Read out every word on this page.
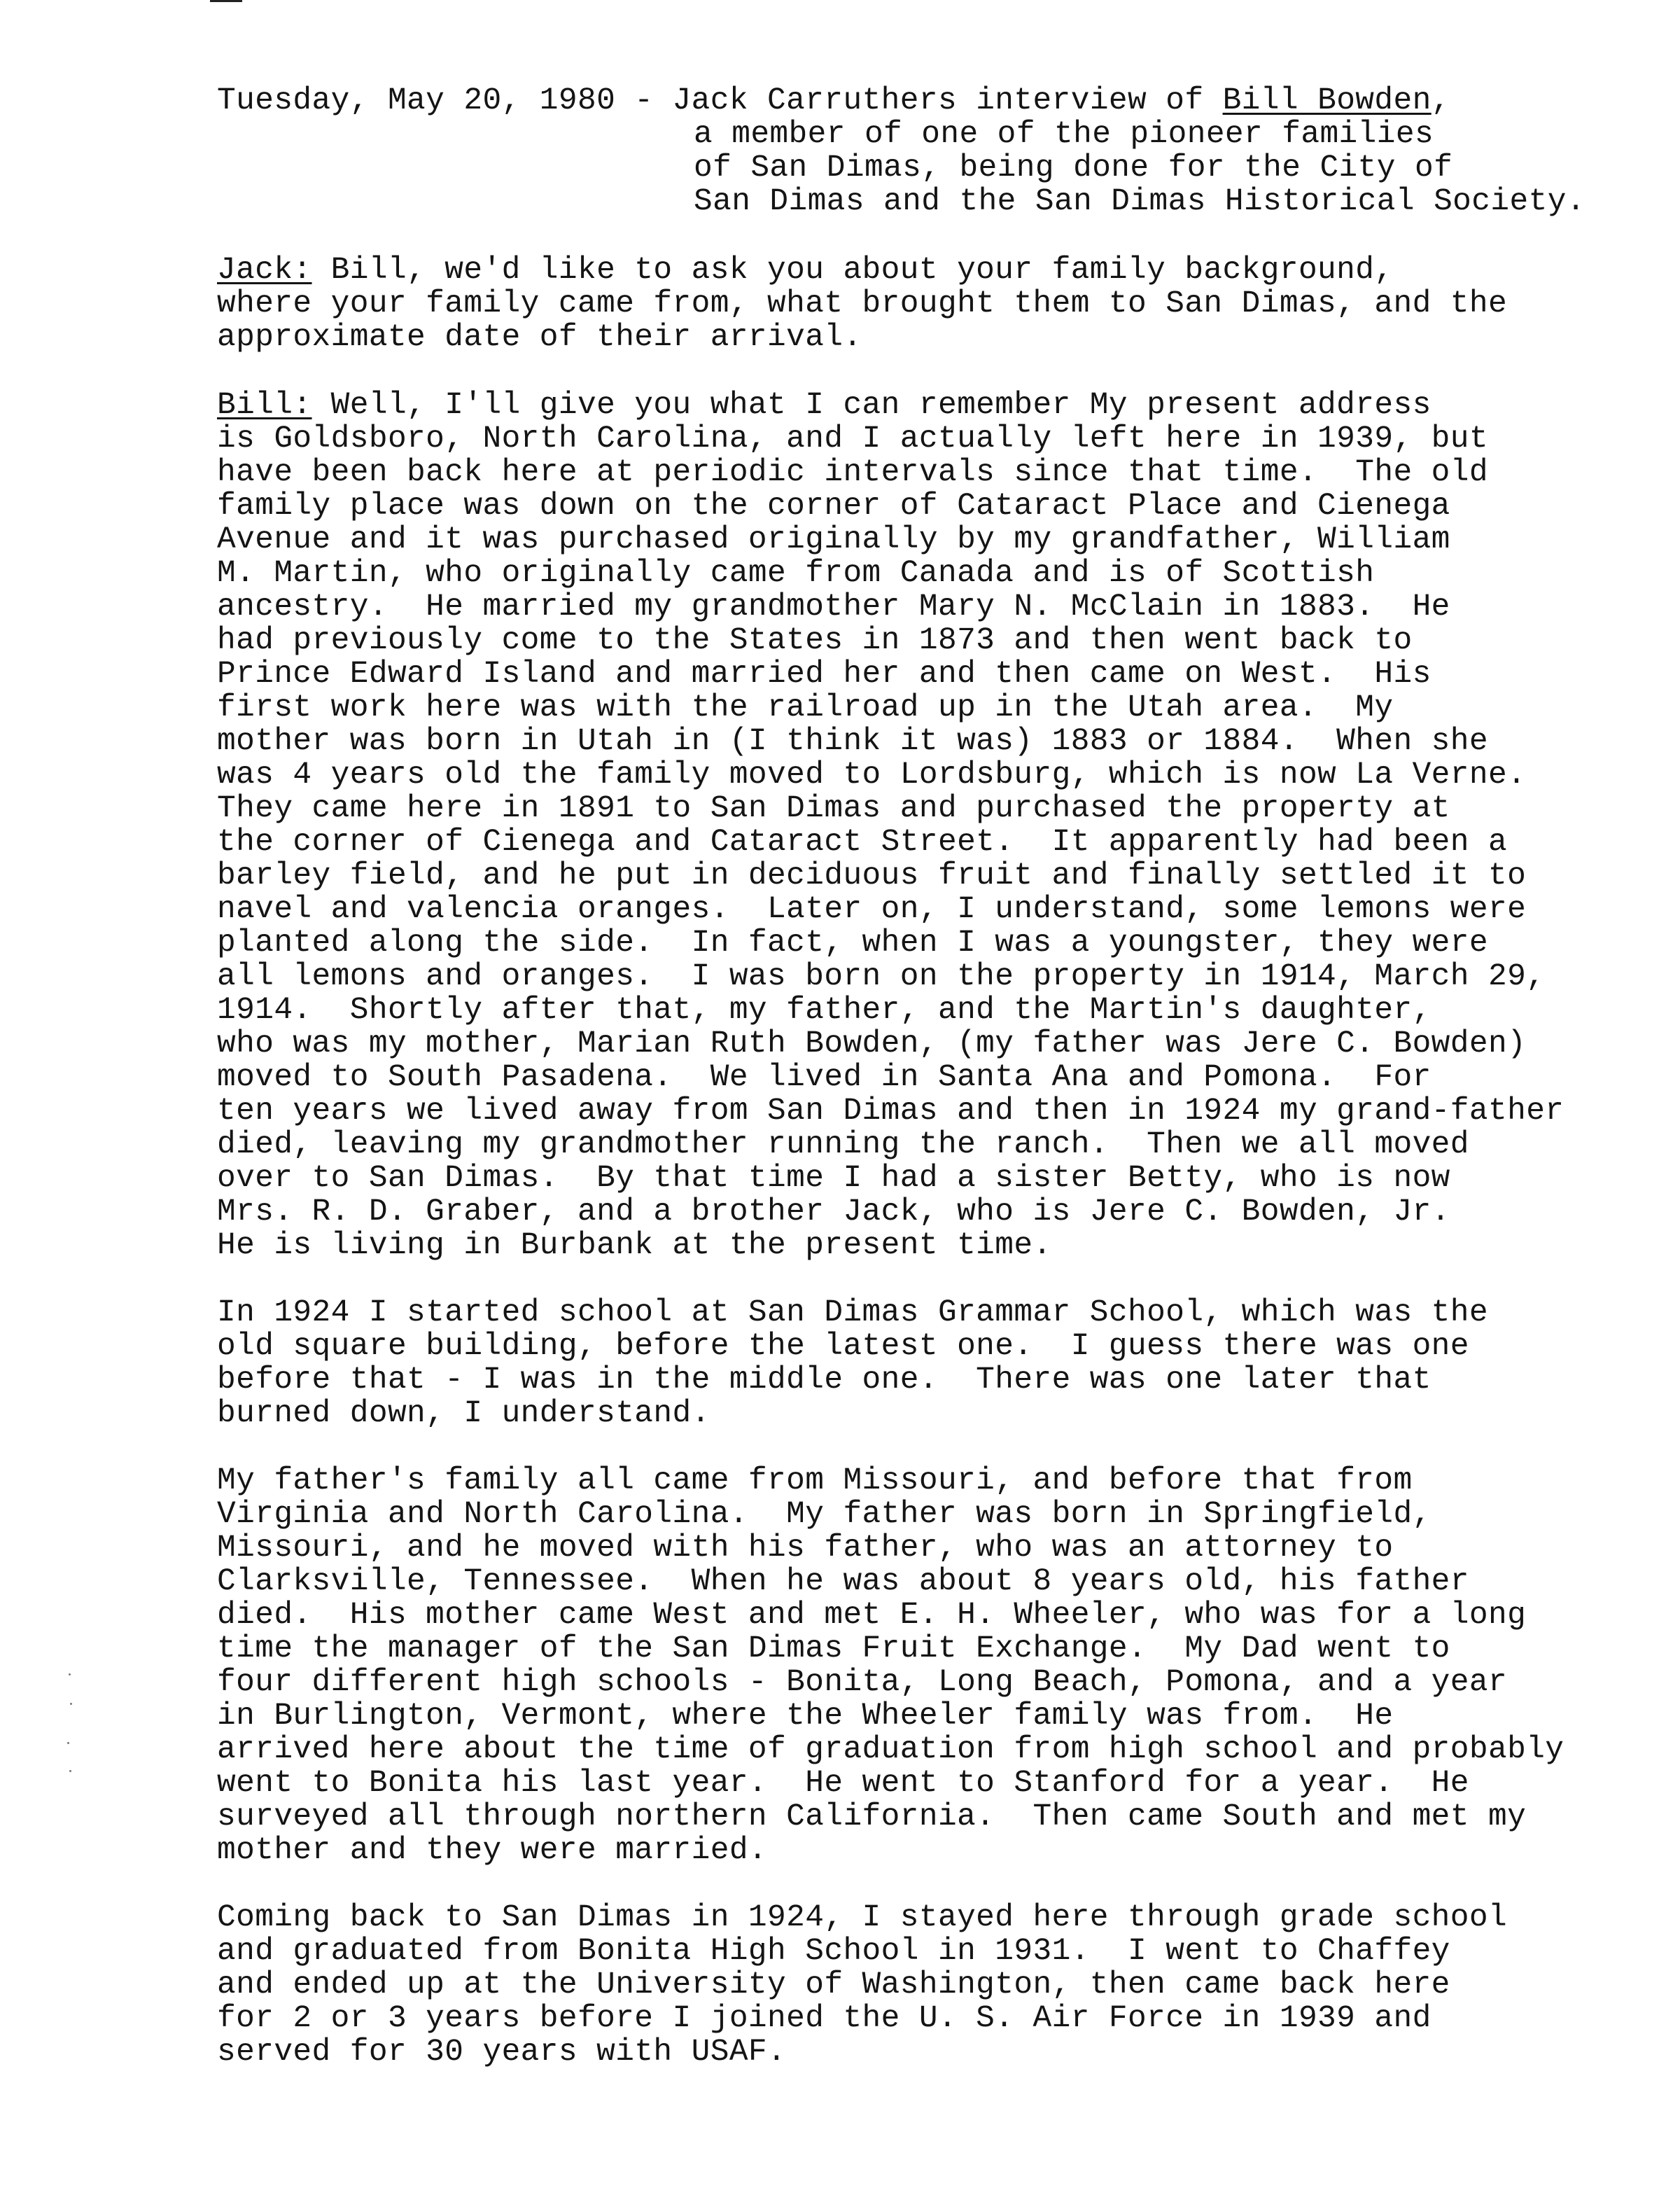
Tuesday, May 20, 1980 - Jack Carruthers interview of Bill Bowden,
a member of one of the pioneer families
of San Dimas, being done for the City of
San Dimas and the San Dimas Historical Society.
Jack: Bill, we'd like to ask you about your family background,
where your family came from, what brought them to San Dimas, and the
approximate date of their arrival.
Bill: Well, I'll give you what I can remember My present address
is Goldsboro, North Carolina, and I actually left here in 1939, but
have been back here at periodic intervals since that time.  The old
family place was down on the corner of Cataract Place and Cienega
Avenue and it was purchased originally by my grandfather, William
M. Martin, who originally came from Canada and is of Scottish
ancestry.  He married my grandmother Mary N. McClain in 1883.  He
had previously come to the States in 1873 and then went back to
Prince Edward Island and married her and then came on West.  His
first work here was with the railroad up in the Utah area.  My
mother was born in Utah in (I think it was) 1883 or 1884.  When she
was 4 years old the family moved to Lordsburg, which is now La Verne.
They came here in 1891 to San Dimas and purchased the property at
the corner of Cienega and Cataract Street.  It apparently had been a
barley field, and he put in deciduous fruit and finally settled it to
navel and valencia oranges.  Later on, I understand, some lemons were
planted along the side.  In fact, when I was a youngster, they were
all lemons and oranges.  I was born on the property in 1914, March 29,
1914.  Shortly after that, my father, and the Martin's daughter,
who was my mother, Marian Ruth Bowden, (my father was Jere C. Bowden)
moved to South Pasadena.  We lived in Santa Ana and Pomona.  For
ten years we lived away from San Dimas and then in 1924 my grand-father
died, leaving my grandmother running the ranch.  Then we all moved
over to San Dimas.  By that time I had a sister Betty, who is now
Mrs. R. D. Graber, and a brother Jack, who is Jere C. Bowden, Jr.
He is living in Burbank at the present time.
In 1924 I started school at San Dimas Grammar School, which was the
old square building, before the latest one.  I guess there was one
before that - I was in the middle one.  There was one later that
burned down, I understand.
My father's family all came from Missouri, and before that from
Virginia and North Carolina.  My father was born in Springfield,
Missouri, and he moved with his father, who was an attorney to
Clarksville, Tennessee.  When he was about 8 years old, his father
died.  His mother came West and met E. H. Wheeler, who was for a long
time the manager of the San Dimas Fruit Exchange.  My Dad went to
four different high schools - Bonita, Long Beach, Pomona, and a year
in Burlington, Vermont, where the Wheeler family was from.  He
arrived here about the time of graduation from high school and probably
went to Bonita his last year.  He went to Stanford for a year.  He
surveyed all through northern California.  Then came South and met my
mother and they were married.
Coming back to San Dimas in 1924, I stayed here through grade school
and graduated from Bonita High School in 1931.  I went to Chaffey
and ended up at the University of Washington, then came back here
for 2 or 3 years before I joined the U. S. Air Force in 1939 and
served for 30 years with USAF.
